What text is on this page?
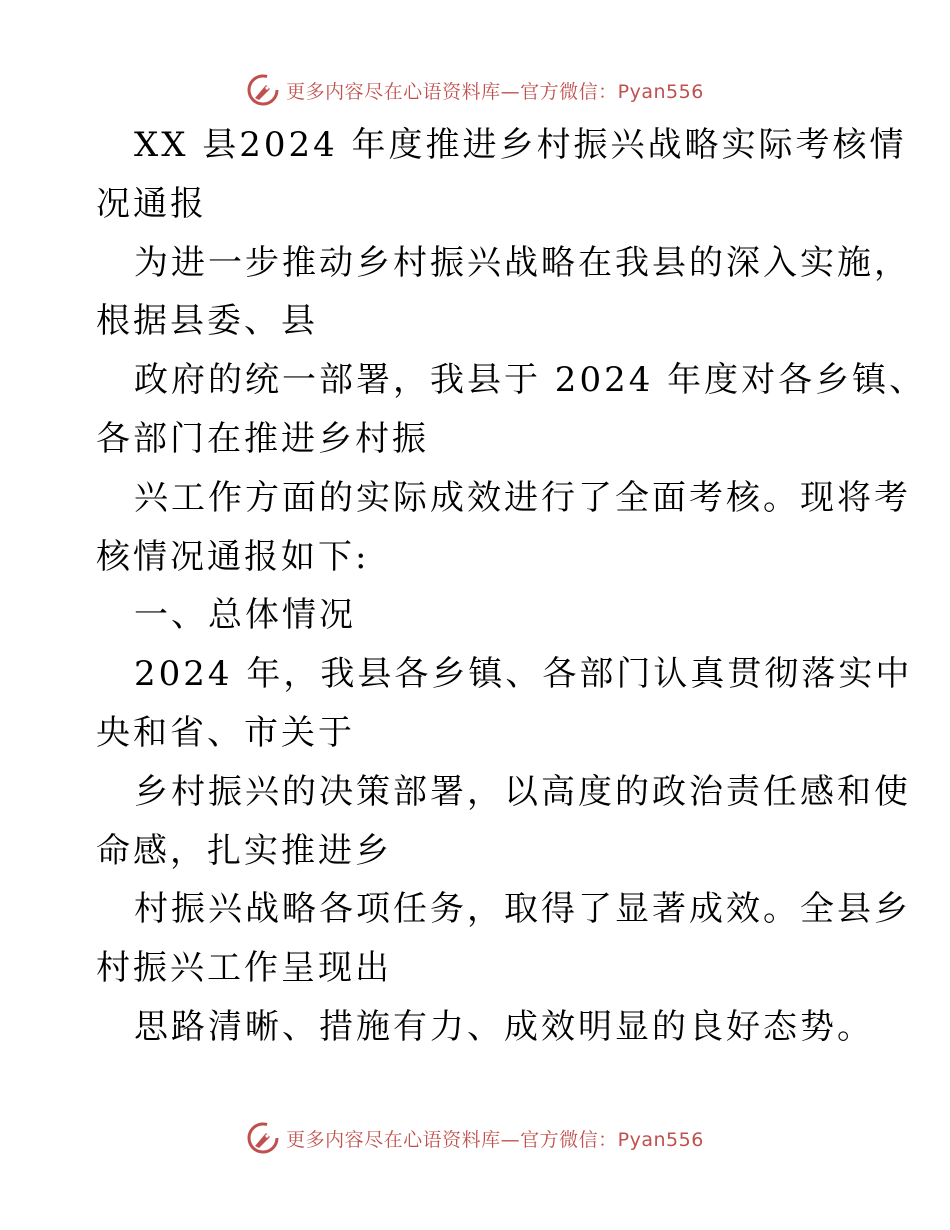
更多内容尽在心语资料库—官方微信：Pyan556
XX 县2024 年度推进乡村振兴战略实际考核情
况通报
为进一步推动乡村振兴战略在我县的深入实施，
根据县委、县
政府的统一部署，我县于 2024 年度对各乡镇、
各部门在推进乡村振
兴工作方面的实际成效进行了全面考核。现将考
核情况通报如下:
一、总体情况
2024 年，我县各乡镇、各部门认真贯彻落实中
央和省、市关于
乡村振兴的决策部署，以高度的政治责任感和使
命感，扎实推进乡
村振兴战略各项任务，取得了显著成效。全县乡
村振兴工作呈现出
思路清晰、措施有力、成效明显的良好态势。
更多内容尽在心语资料库—官方微信：Pyan556
